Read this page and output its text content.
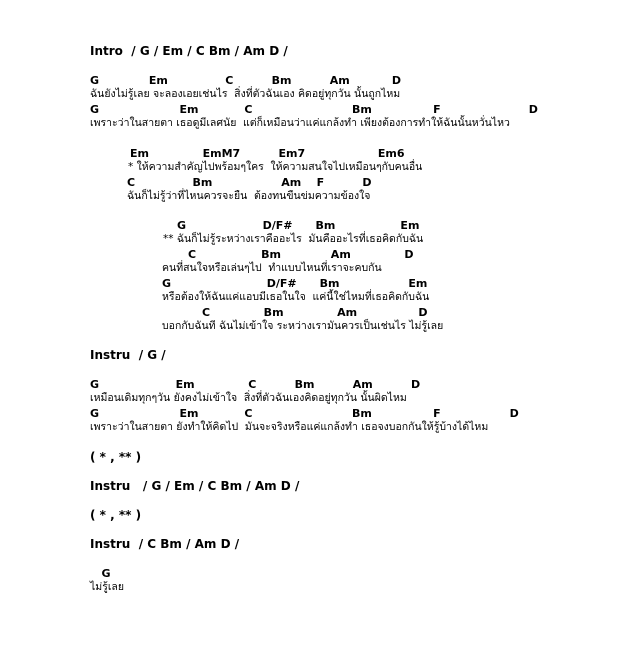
Intro  / G / Em / C Bm / Am D /
G             Em               C          Bm          Am           D
ฉันยังไม่รู้เลย จะลองเอยเช่นไร  สิ่งที่ตัวฉันเอง คิดอยู่ทุกวัน นั้นถูกไหม
G                     Em            C                          Bm                F                       D
เพราะว่าในสายตา เธอดูมีเลศนัย  แต่ก็เหมือนว่าแค่แกล้งทำ เพียงต้องการทำให้ฉันนั้นหวั่นไหว
Em              EmM7          Em7                   Em6
* ให้ความสำคัญไปพร้อมๆใคร  ให้ความสนใจไปเหมือนๆกับคนอื่น
C               Bm                  Am    F          D
ฉันก็ไม่รู้ว่าที่ไหนควรจะยืน  ต้องทนขืนข่มความข้องใจ
G                    D/F#      Bm                 Em
** ฉันก็ไม่รู้ระหว่างเราคืออะไร  มันคืออะไรที่เธอคิดกับฉัน
C                 Bm             Am              D
คนที่สนใจหรือเล่นๆไป  ทำแบบไหนที่เราจะคบกัน
G                         D/F#      Bm                  Em
หรือต้องให้ฉันแค่แอบมีเธอในใจ  แค่นี้ใช่ไหมที่เธอคิดกับฉัน
C              Bm              Am                D
บอกกับฉันที ฉันไม่เข้าใจ ระหว่างเรามันควรเป็นเช่นไร ไม่รู้เลย
Instru  / G /
G                    Em              C          Bm          Am          D
เหมือนเดิมทุกๆวัน ยังคงไม่เข้าใจ  สิ่งที่ตัวฉันเองคิดอยู่ทุกวัน นั้นผิดไหม
G                     Em            C                          Bm                F                  D
เพราะว่าในสายตา ยังทำให้คิดไป  มันจะจริงหรือแค่แกล้งทำ เธอจงบอกกันให้รู้บ้างได้ไหม
( * , ** )
Instru   / G / Em / C Bm / Am D /
( * , ** )
Instru  / C Bm / Am D /
G
ไม่รู้เลย
